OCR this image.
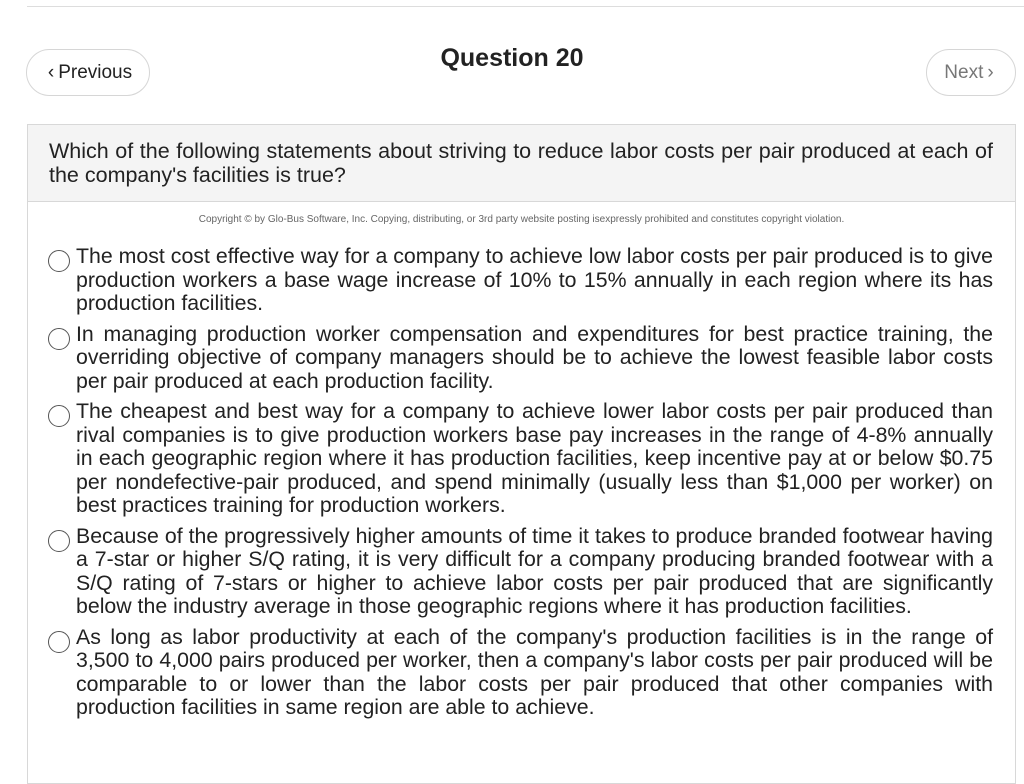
‹ Previous	Question 20	Next ›
Which of the following statements about striving to reduce labor costs per pair produced at each of the company's facilities is true?
Copyright © by Glo-Bus Software, Inc. Copying, distributing, or 3rd party website posting isexpressly prohibited and constitutes copyright violation.
The most cost effective way for a company to achieve low labor costs per pair produced is to give production workers a base wage increase of 10% to 15% annually in each region where its has production facilities.
In managing production worker compensation and expenditures for best practice training, the overriding objective of company managers should be to achieve the lowest feasible labor costs per pair produced at each production facility.
The cheapest and best way for a company to achieve lower labor costs per pair produced than rival companies is to give production workers base pay increases in the range of 4-8% annually in each geographic region where it has production facilities, keep incentive pay at or below $0.75 per nondefective-pair produced, and spend minimally (usually less than $1,000 per worker) on best practices training for production workers.
Because of the progressively higher amounts of time it takes to produce branded footwear having a 7-star or higher S/Q rating, it is very difficult for a company producing branded footwear with a S/Q rating of 7-stars or higher to achieve labor costs per pair produced that are significantly below the industry average in those geographic regions where it has production facilities.
As long as labor productivity at each of the company's production facilities is in the range of 3,500 to 4,000 pairs produced per worker, then a company's labor costs per pair produced will be comparable to or lower than the labor costs per pair produced that other companies with production facilities in same region are able to achieve.
